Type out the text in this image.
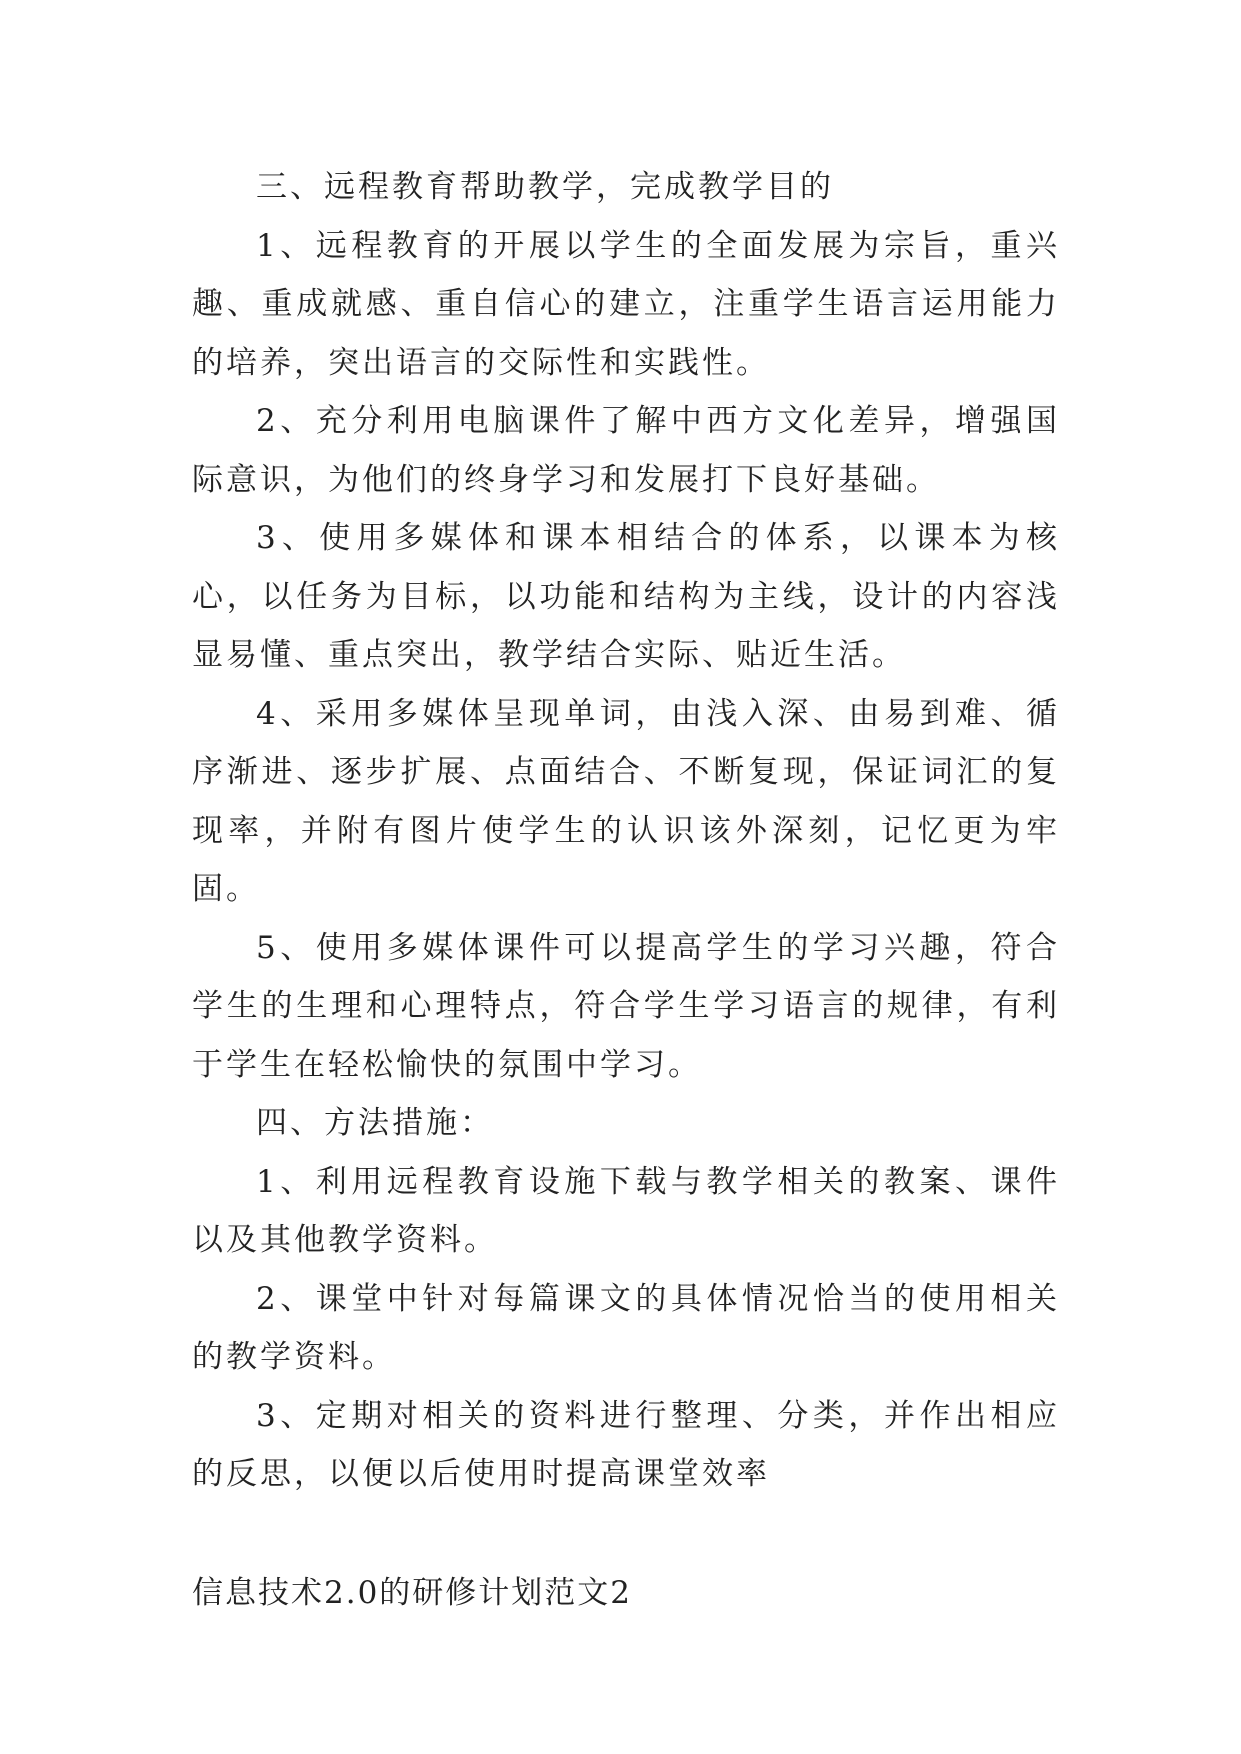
三、远程教育帮助教学，完成教学目的

1、远程教育的开展以学生的全面发展为宗旨，重兴趣、重成就感、重自信心的建立，注重学生语言运用能力的培养，突出语言的交际性和实践性。

2、充分利用电脑课件了解中西方文化差异，增强国际意识，为他们的终身学习和发展打下良好基础。

3、使用多媒体和课本相结合的体系，以课本为核心，以任务为目标，以功能和结构为主线，设计的内容浅显易懂、重点突出，教学结合实际、贴近生活。

4、采用多媒体呈现单词，由浅入深、由易到难、循序渐进、逐步扩展、点面结合、不断复现，保证词汇的复现率，并附有图片使学生的认识该外深刻，记忆更为牢固。

5、使用多媒体课件可以提高学生的学习兴趣，符合学生的生理和心理特点，符合学生学习语言的规律，有利于学生在轻松愉快的氛围中学习。

四、方法措施：

1、利用远程教育设施下载与教学相关的教案、课件以及其他教学资料。

2、课堂中针对每篇课文的具体情况恰当的使用相关的教学资料。

3、定期对相关的资料进行整理、分类，并作出相应的反思，以便以后使用时提高课堂效率

信息技术2.0的研修计划范文2
